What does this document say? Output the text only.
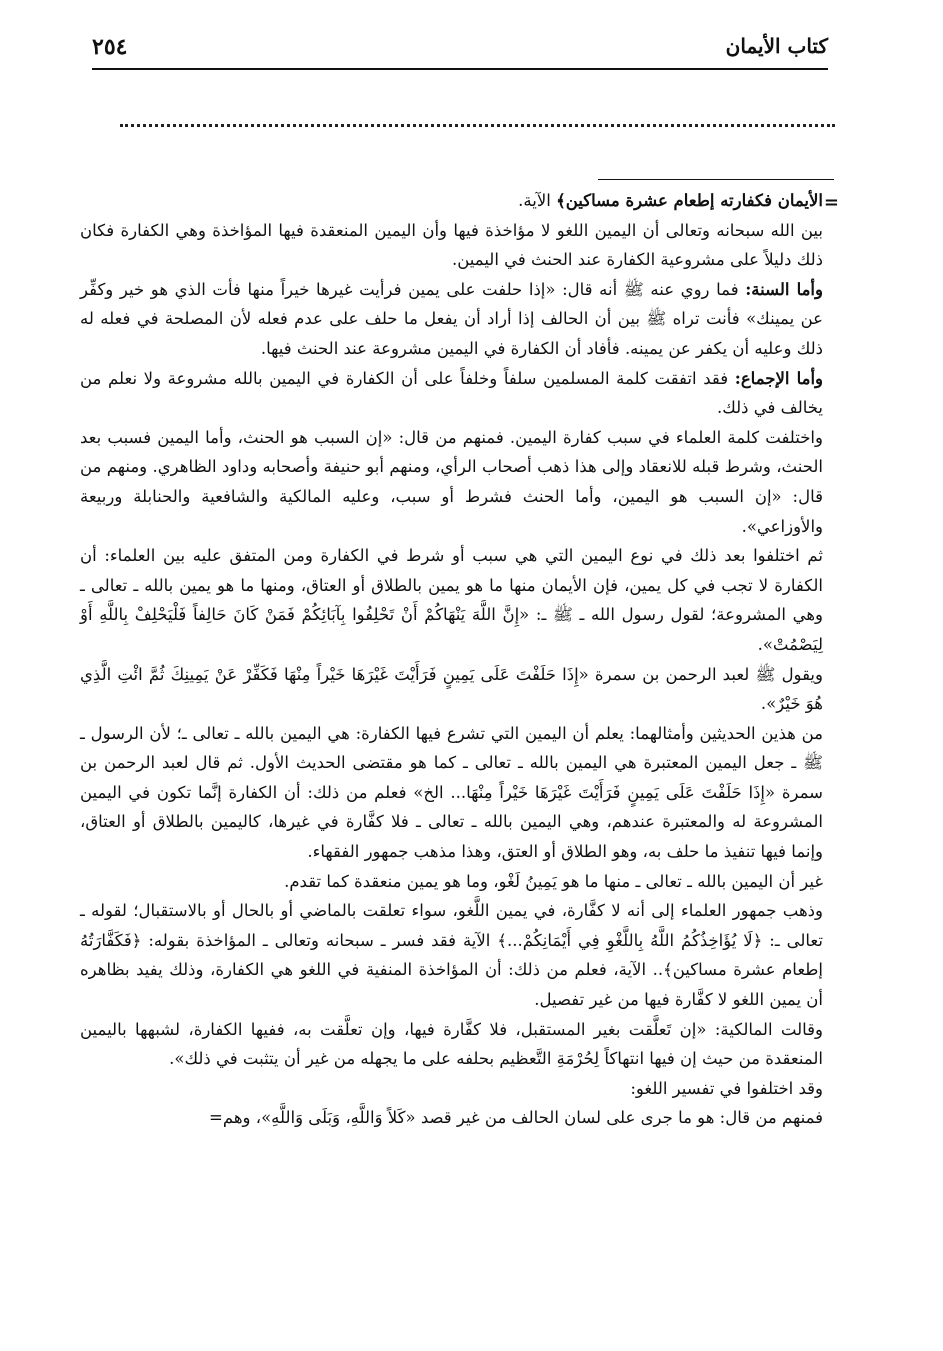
كتاب الأيمان
٢٥٤
=

الأيمان فكفارته إطعام عشرة مساكين﴾ الآية.

بين الله سبحانه وتعالى أن اليمين اللغو لا مؤاخذة فيها وأن اليمين المنعقدة فيها المؤاخذة وهي الكفارة فكان ذلك دليلاً على مشروعية الكفارة عند الحنث في اليمين.

وأما السنة: فما روي عنه ﷺ أنه قال: «إذا حلفت على يمين فرأيت غيرها خيراً منها فأت الذي هو خير وكفِّر عن يمينك» فأنت تراه ﷺ بين أن الحالف إذا أراد أن يفعل ما حلف على عدم فعله لأن المصلحة في فعله له ذلك وعليه أن يكفر عن يمينه. فأفاد أن الكفارة في اليمين مشروعة عند الحنث فيها.

وأما الإجماع: فقد اتفقت كلمة المسلمين سلفاً وخلفاً على أن الكفارة في اليمين بالله مشروعة ولا نعلم من يخالف في ذلك.

واختلفت كلمة العلماء في سبب كفارة اليمين. فمنهم من قال: «إن السبب هو الحنث، وأما اليمين فسبب بعد الحنث، وشرط قبله للانعقاد وإلى هذا ذهب أصحاب الرأي، ومنهم أبو حنيفة وأصحابه وداود الظاهري. ومنهم من قال: «إن السبب هو اليمين، وأما الحنث فشرط أو سبب، وعليه المالكية والشافعية والحنابلة وربيعة والأوزاعي».

ثم اختلفوا بعد ذلك في نوع اليمين التي هي سبب أو شرط في الكفارة ومن المتفق عليه بين العلماء: أن الكفارة لا تجب في كل يمين، فإن الأيمان منها ما هو يمين بالطلاق أو العتاق، ومنها ما هو يمين بالله ـ تعالى ـ وهي المشروعة؛ لقول رسول الله ـ ﷺ ـ: «إِنَّ اللَّهَ يَنْهَاكُمْ أَنْ تَحْلِفُوا بِآبَائِكُمْ فَمَنْ كَانَ حَالِفاً فَلْيَحْلِفْ بِاللَّهِ أَوْ لِيَصْمُتْ».

ويقول ﷺ لعبد الرحمن بن سمرة «إِذَا حَلَفْتَ عَلَى يَمِينٍ فَرَأَيْتَ غَيْرَهَا خَيْراً مِنْهَا فَكَفِّرْ عَنْ يَمِينِكَ ثُمَّ ائْتِ الَّذِي هُوَ خَيْرٌ».

من هذين الحديثين وأمثالهما: يعلم أن اليمين التي تشرع فيها الكفارة: هي اليمين بالله ـ تعالى ـ؛ لأن الرسول ـ ﷺ ـ جعل اليمين المعتبرة هي اليمين بالله ـ تعالى ـ كما هو مقتضى الحديث الأول. ثم قال لعبد الرحمن بن سمرة «إِذَا حَلَفْتَ عَلَى يَمِينٍ فَرَأَيْتَ غَيْرَهَا خَيْراً مِنْهَا... الخ» فعلم من ذلك: أن الكفارة إنَّما تكون في اليمين المشروعة له والمعتبرة عندهم، وهي اليمين بالله ـ تعالى ـ فلا كفَّارة في غيرها، كاليمين بالطلاق أو العتاق، وإنما فيها تنفيذ ما حلف به، وهو الطلاق أو العتق، وهذا مذهب جمهور الفقهاء.

غير أن اليمين بالله ـ تعالى ـ منها ما هو يَمِينُ لَغْو، وما هو يمين منعقدة كما تقدم.

وذهب جمهور العلماء إلى أنه لا كفَّارة، في يمين اللَّغو، سواء تعلقت بالماضي أو بالحال أو بالاستقبال؛ لقوله ـ تعالى ـ: ﴿لَا يُؤَاخِذُكُمُ اللَّهُ بِاللَّغْوِ فِي أَيْمَانِكُمْ...﴾ الآية فقد فسر ـ سبحانه وتعالى ـ المؤاخذة بقوله: ﴿فَكَفَّارَتُهُ إطعام عشرة مساكين﴾.. الآية، فعلم من ذلك: أن المؤاخذة المنفية في اللغو هي الكفارة، وذلك يفيد بظاهره أن يمين اللغو لا كفَّارة فيها من غير تفصيل.

وقالت المالكية: «إن تَعلَّقت بغير المستقبل، فلا كفَّارة فيها، وإن تعلَّقت به، ففيها الكفارة، لشبهها باليمين المنعقدة من حيث إن فيها انتهاكاً لِحُرْمَةِ التَّعظيم بحلفه على ما يجهله من غير أن يتثبت في ذلك».

وقد اختلفوا في تفسير اللغو:

فمنهم من قال: هو ما جرى على لسان الحالف من غير قصد «كَلاً وَاللَّهِ، وَبَلَى وَاللَّهِ»، وهم=
